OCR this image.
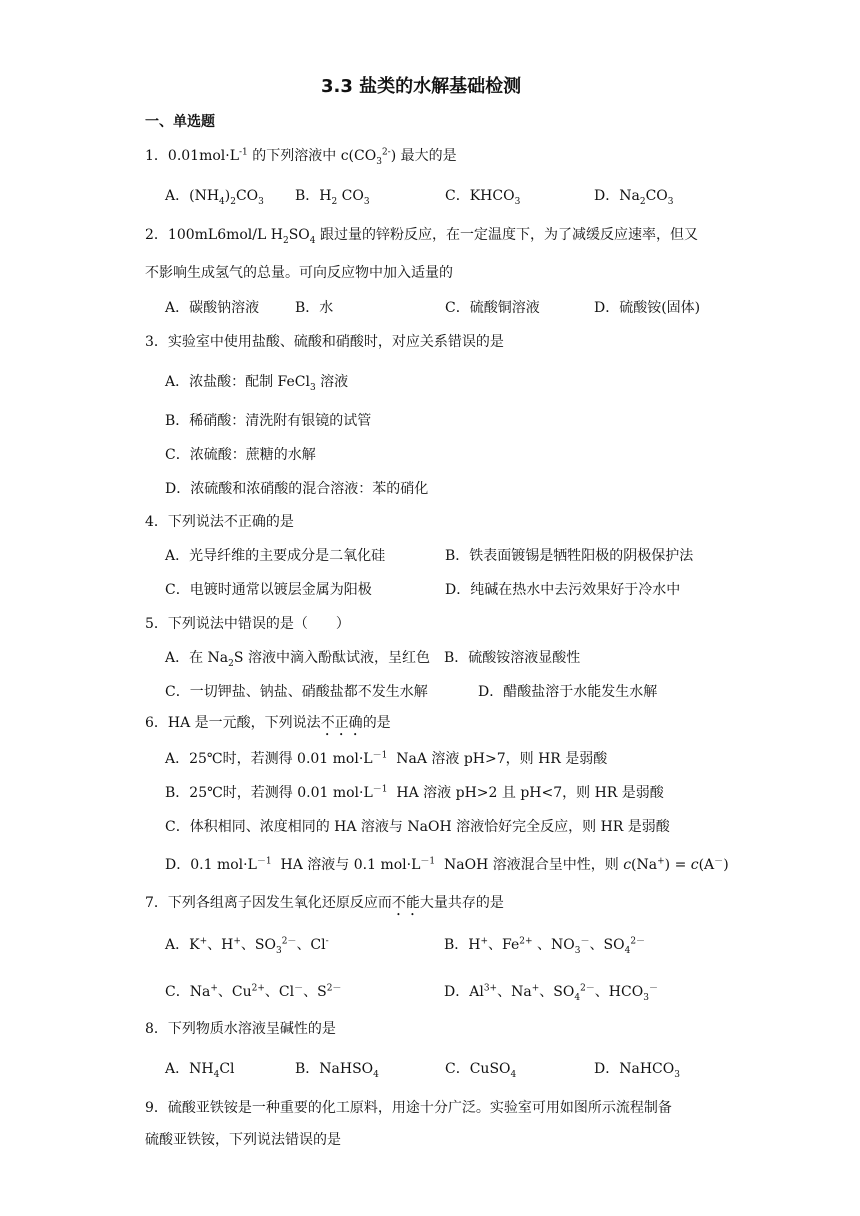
3.3 盐类的水解基础检测
一、单选题
1．$0.01mol\cdot L^{-1}$ 的下列溶液中 $c(CO_3^{2-})$ 最大的是
A．$(NH_4)_2CO_3$ B．$H_2$ $CO_3$	C．$KHCO_3$	D．$Na_2CO_3$
2．100mL6mol/L $H_2SO_4$ 跟过量的锌粉反应，在一定温度下，为了减缓反应速率，但又
不影响生成氢气的总量。可向反应物中加入适量的
A．碳酸钠溶液	B．水	C．硫酸铜溶液	D．硫酸铵(固体)
3．实验室中使用盐酸、硫酸和硝酸时，对应关系错误的是
A．浓盐酸：配制 FeCl$_3$ 溶液
B．稀硝酸：清洗附有银镜的试管
C．浓硫酸：蔗糖的水解
D．浓硫酸和浓硝酸的混合溶液：苯的硝化
4．下列说法不正确的是
A．光导纤维的主要成分是二氧化硅	B．铁表面镀锡是牺牲阳极的阴极保护法
C．电镀时通常以镀层金属为阳极	D．纯碱在热水中去污效果好于冷水中
5．下列说法中错误的是（　　）
A．在 $Na_2S$ 溶液中滴入酚酞试液，呈红色 B．硫酸铵溶液显酸性
C．一切钾盐、钠盐、硝酸盐都不发生水解	D．醋酸盐溶于水能发生水解
6．HA 是一元酸，下列说法不正确的是
A．25℃时，若测得 0.01 $mol\cdot L^{-1}$  NaA 溶液 pH>7，则 HR 是弱酸
B．25℃时，若测得 0.01 $mol\cdot L^{-1}$  HA 溶液 pH>2 且 pH<7，则 HR 是弱酸
C．体积相同、浓度相同的 HA 溶液与 NaOH 溶液恰好完全反应，则 HR 是弱酸
D．0.1 $mol\cdot L^{-1}$  HA 溶液与 0.1 $mol\cdot L^{-1}$  NaOH 溶液混合呈中性，则 c(Na+) = c(A－)
7．下列各组离子因发生氧化还原反应而不能大量共存的是
A．K+、H+、$SO_3^{2-}$、Cl-	B．H+、$Fe^{2+}$ 、$NO_3^-$、$SO_4^{2-}$
C．Na+、$Cu^{2+}$、Cl－、$S^{2-}$	D．$Al^{3+}$、Na+、$SO_4^{2-}$、$HCO_3^-$
8．下列物质水溶液呈碱性的是
A．$NH_4Cl$	B．NaHSO$_4$	C．CuSO$_4$	D．NaHCO$_3$
9．硫酸亚铁铵是一种重要的化工原料，用途十分广泛。实验室可用如图所示流程制备
硫酸亚铁铵，下列说法错误的是
